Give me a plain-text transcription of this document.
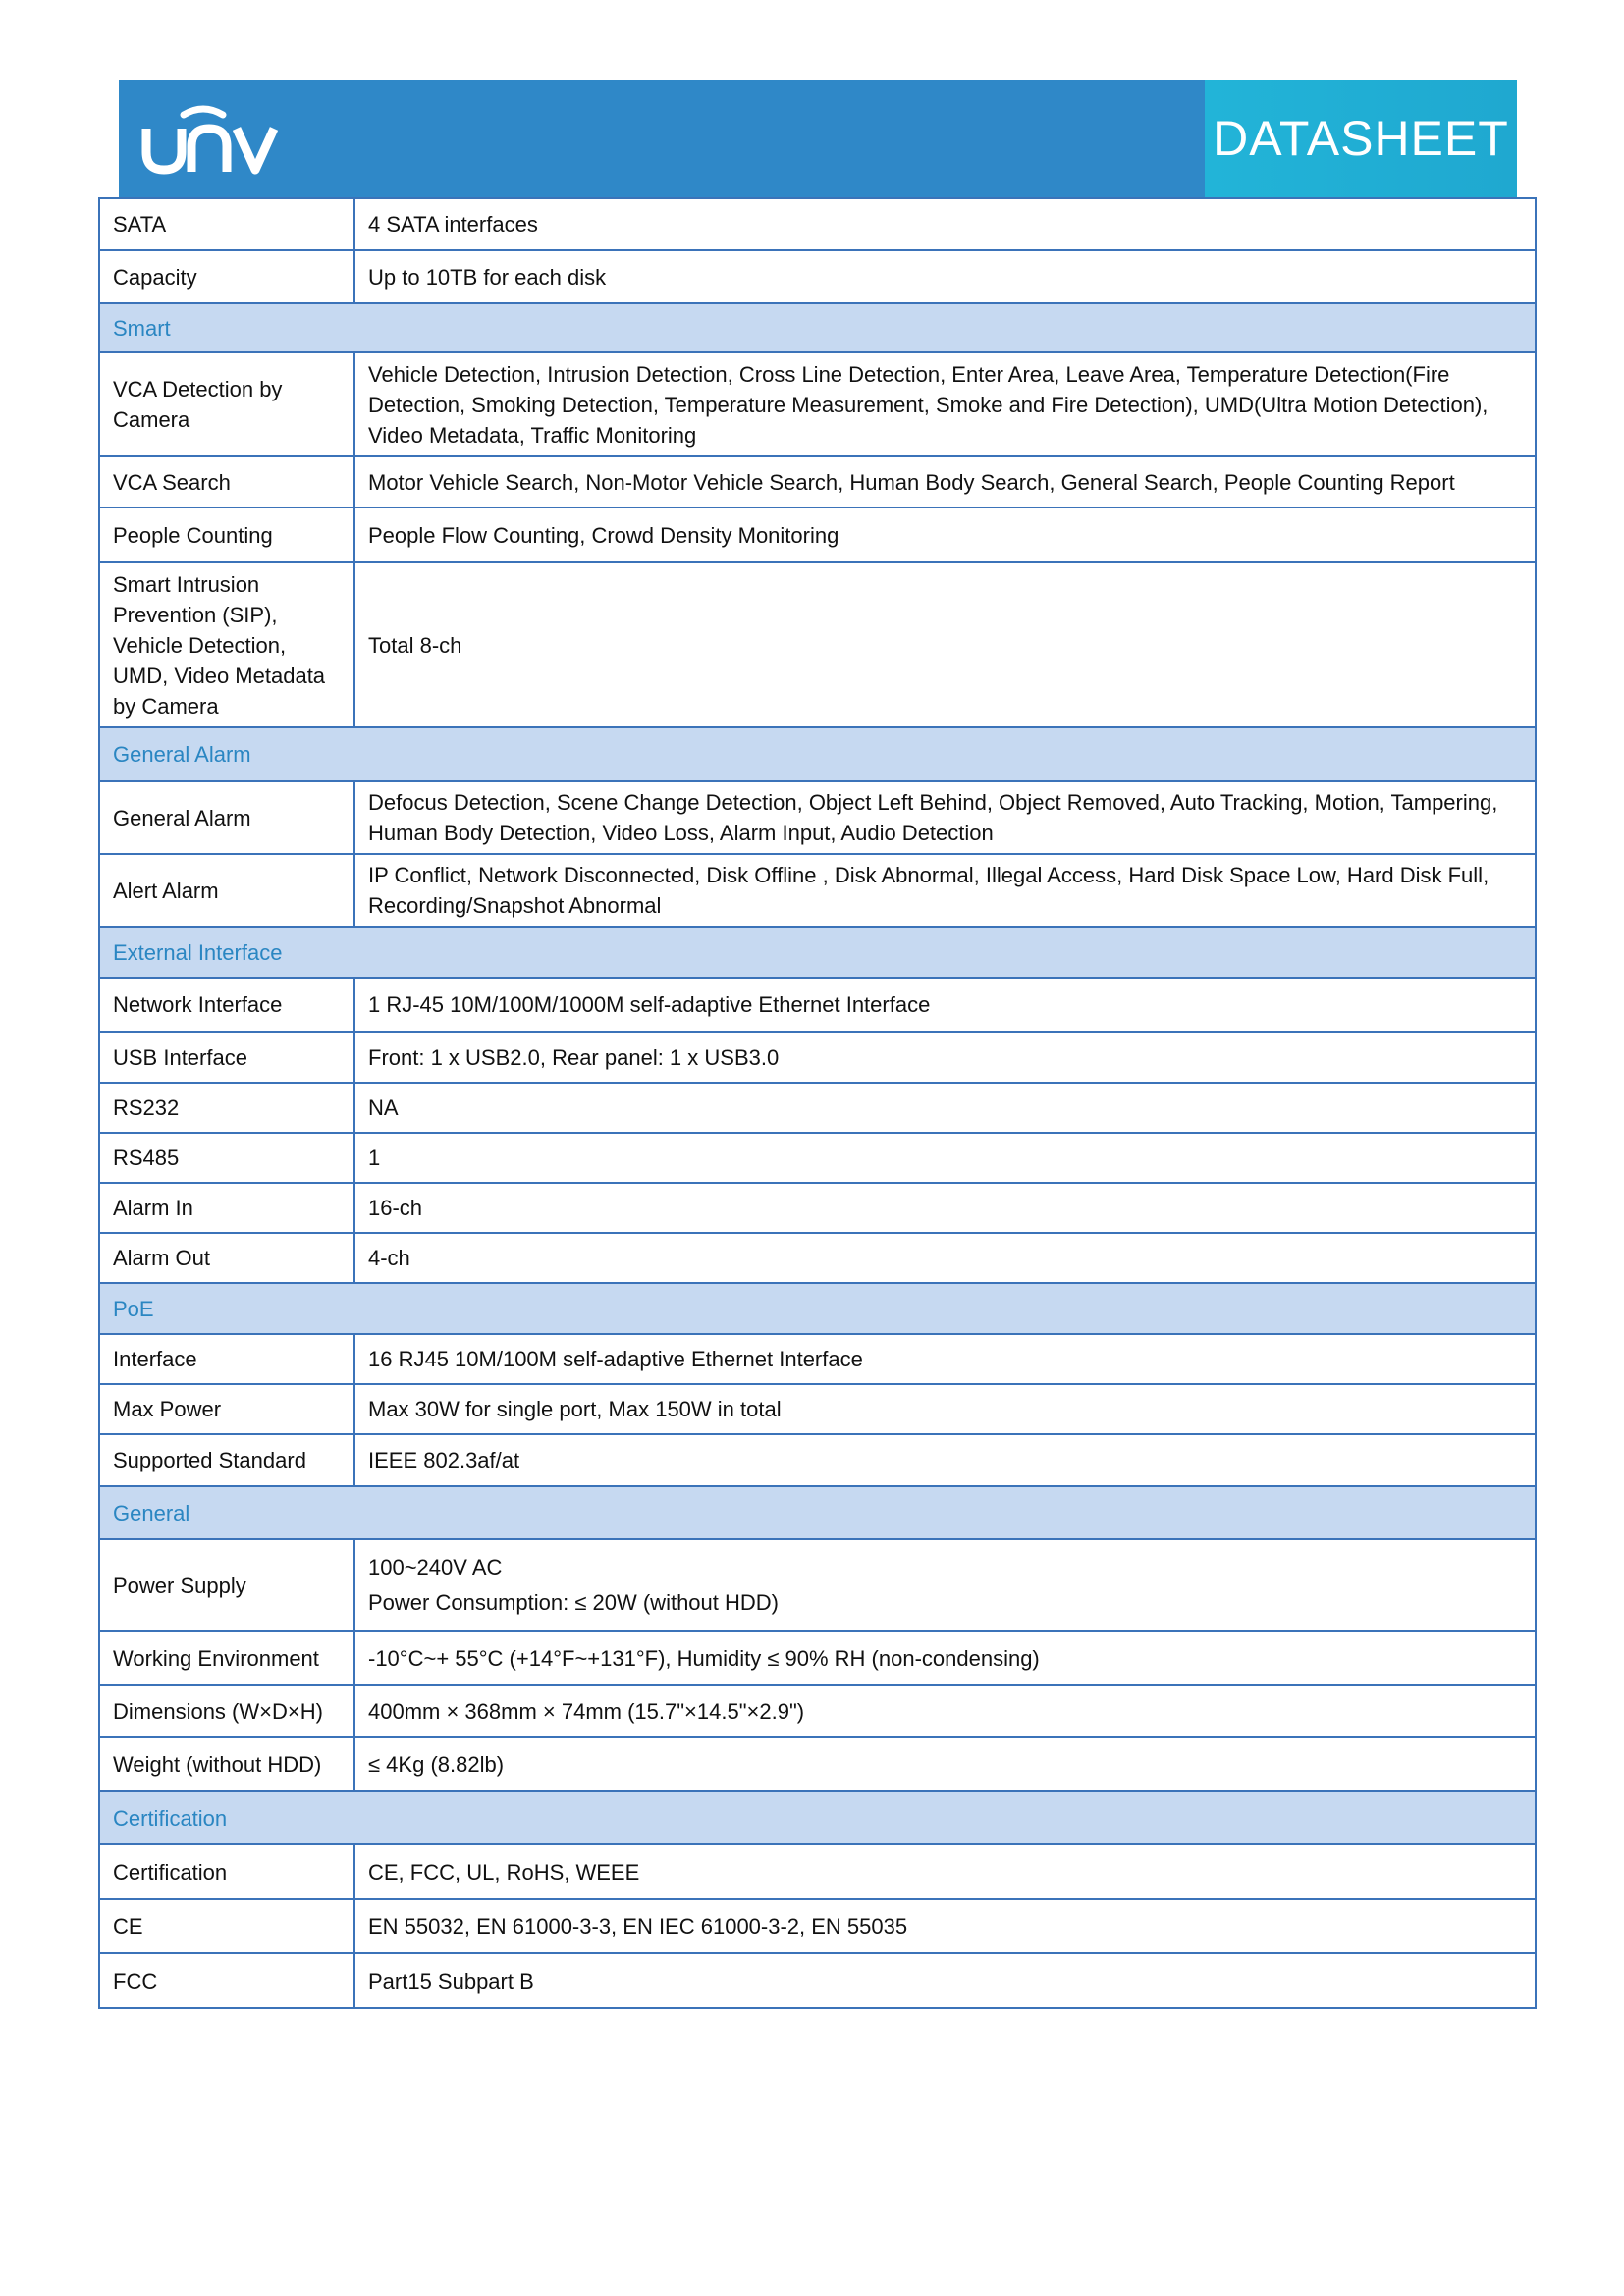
DATASHEET
SATA	4 SATA interfaces
Capacity	Up to 10TB for each disk
Smart	
VCA Detection by Camera	Vehicle Detection, Intrusion Detection, Cross Line Detection, Enter Area, Leave Area, Temperature Detection(Fire Detection, Smoking Detection, Temperature Measurement, Smoke and Fire Detection), UMD(Ultra Motion Detection), Video Metadata, Traffic Monitoring
VCA Search	Motor Vehicle Search, Non-Motor Vehicle Search, Human Body Search, General Search, People Counting Report
People Counting	People Flow Counting, Crowd Density Monitoring
Smart Intrusion Prevention (SIP), Vehicle Detection, UMD, Video Metadata by Camera	Total 8-ch
General Alarm	
General Alarm	Defocus Detection, Scene Change Detection, Object Left Behind, Object Removed, Auto Tracking, Motion, Tampering, Human Body Detection, Video Loss, Alarm Input, Audio Detection
Alert Alarm	IP Conflict, Network Disconnected, Disk Offline , Disk Abnormal, Illegal Access, Hard Disk Space Low, Hard Disk Full, Recording/Snapshot Abnormal
External Interface	
Network Interface	1 RJ-45 10M/100M/1000M self-adaptive Ethernet Interface
USB Interface	Front: 1 x USB2.0, Rear panel: 1 x USB3.0
RS232	NA
RS485	1
Alarm In	16-ch
Alarm Out	4-ch
PoE	
Interface	16 RJ45 10M/100M self-adaptive Ethernet Interface
Max Power	Max 30W for single port, Max 150W in total
Supported Standard	IEEE 802.3af/at
General	
Power Supply	100~240V AC
Power Consumption: ≤ 20W (without HDD)

Working Environment	-10°C~+ 55°C (+14°F~+131°F), Humidity ≤ 90% RH (non-condensing)
Dimensions (W×D×H)	400mm × 368mm × 74mm (15.7"×14.5"×2.9")
Weight (without HDD)	≤ 4Kg (8.82lb)
Certification	
Certification	CE, FCC, UL, RoHS, WEEE
CE	EN 55032, EN 61000-3-3, EN IEC 61000-3-2, EN 55035
FCC	Part15 Subpart B
